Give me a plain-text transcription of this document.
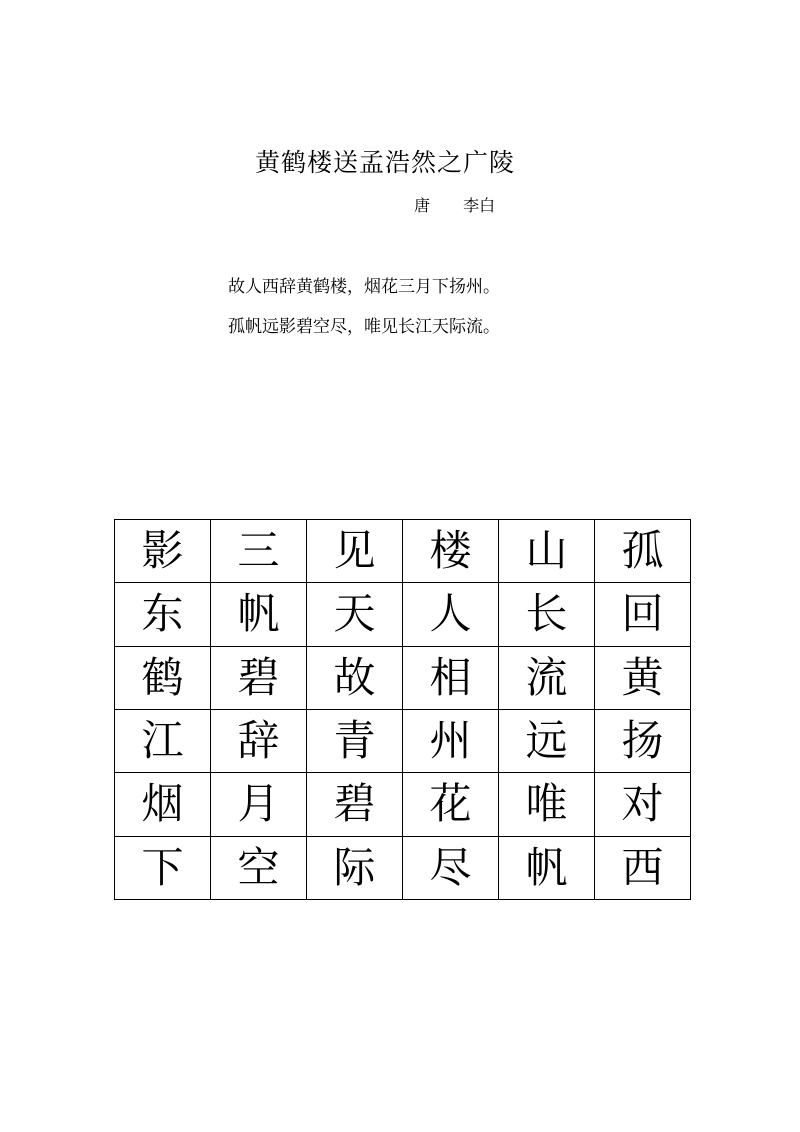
黄鹤楼送孟浩然之广陵
唐 李白
故人西辞黄鹤楼，烟花三月下扬州。
孤帆远影碧空尽，唯见长江天际流。
影	三	见	楼	山	孤
东	帆	天	人	长	回
鹤	碧	故	相	流	黄
江	辞	青	州	远	扬
烟	月	碧	花	唯	对
下	空	际	尽	帆	西
